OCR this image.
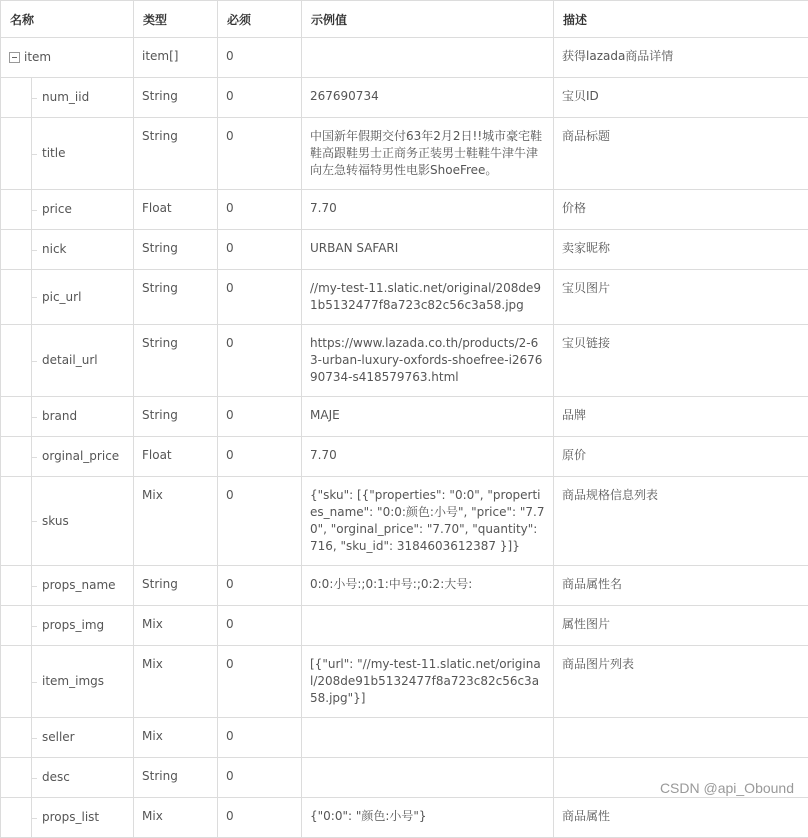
名称	类型	必须	示例值	描述

item	item[]	0		获得lazada商品详情

num_iid	String	0	267690734	宝贝ID

title	String	0	中国新年假期交付63年2月2日!!城市豪宅鞋鞋高跟鞋男士正商务正装男士鞋鞋牛津牛津向左急转福特男性电影ShoeFree。	商品标题

price	Float	0	7.70	价格

nick	String	0	URBAN SAFARI	卖家昵称

pic_url	String	0	//my-test-11.slatic.net/original/208de91b5132477f8a723c82c56c3a58.jpg	宝贝图片

detail_url	String	0	https://www.lazada.co.th/products/2-63-urban-luxury-oxfords-shoefree-i267690734-s418579763.html	宝贝链接

brand	String	0	MAJE	品牌

orginal_price	Float	0	7.70	原价

skus	Mix	0	{"sku": [{"properties": "0:0", "properties_name": "0:0:颜色:小号", "price": "7.70", "orginal_price": "7.70", "quantity": 716, "sku_id": 3184603612387 }]}	商品规格信息列表

props_name	String	0	0:0:小号:;0:1:中号:;0:2:大号:	商品属性名

props_img	Mix	0		属性图片

item_imgs	Mix	0	[{"url": "//my-test-11.slatic.net/original/208de91b5132477f8a723c82c56c3a58.jpg"}]	商品图片列表

seller	Mix	0		

desc	String	0		

props_list	Mix	0	{"0:0": "颜色:小号"}	商品属性
CSDN @api_Obound
